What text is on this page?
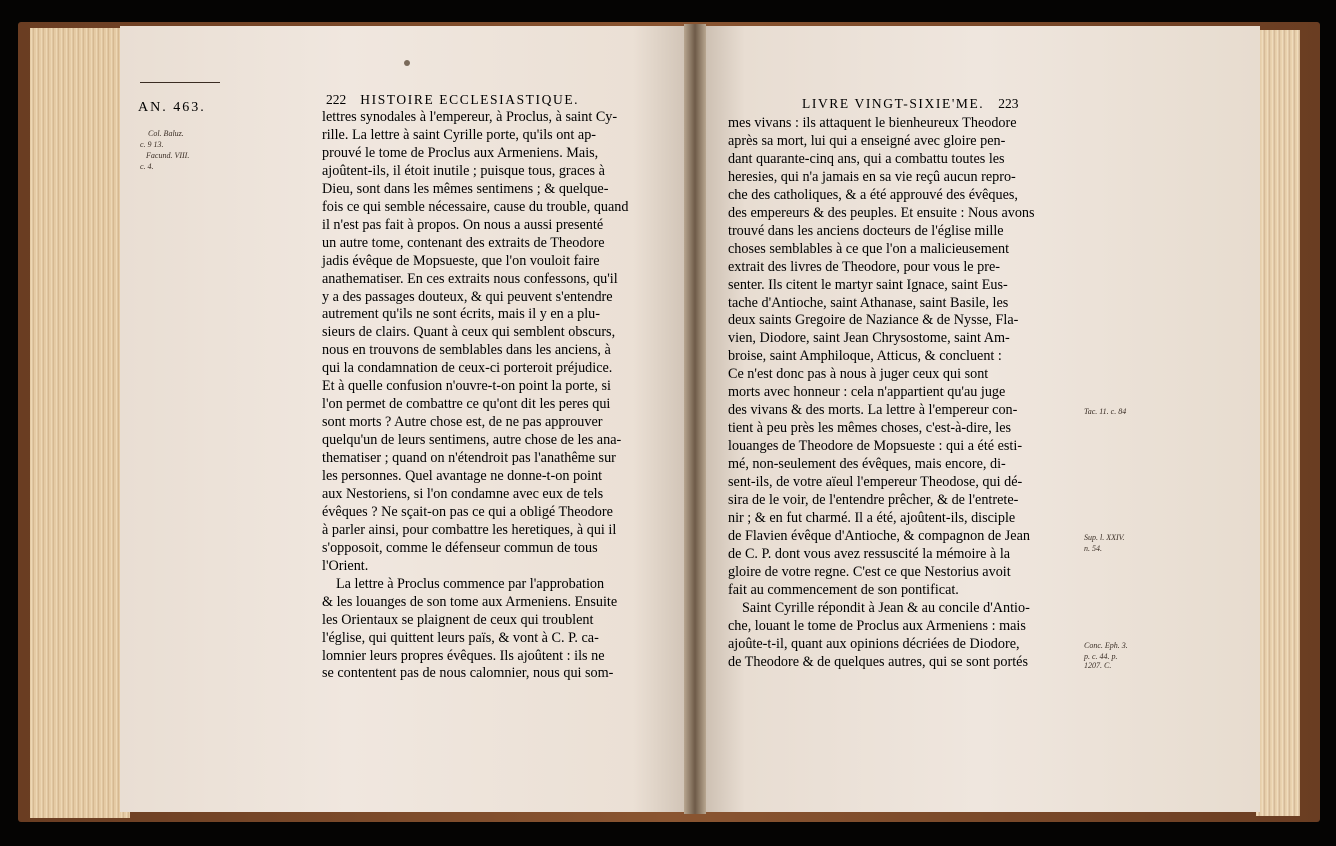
222 HISTOIRE ECCLESIASTIQUE.
AN. 463.
Col. Baluz.
c. 9 13.
Facund. VIII.
c. 4.
lettres synodales à l'empereur, à Proclus, à saint Cy-
rille. La lettre à saint Cyrille porte, qu'ils ont ap-
prouvé le tome de Proclus aux Armeniens. Mais,
ajoûtent-ils, il étoit inutile ; puisque tous, graces à
Dieu, sont dans les mêmes sentimens ; & quelque-
fois ce qui semble nécessaire, cause du trouble, quand
il n'est pas fait à propos. On nous a aussi presenté
un autre tome, contenant des extraits de Theodore
jadis évêque de Mopsueste, que l'on vouloit faire
anathematiser. En ces extraits nous confessons, qu'il
y a des passages douteux, & qui peuvent s'entendre
autrement qu'ils ne sont écrits, mais il y en a plu-
sieurs de clairs. Quant à ceux qui semblent obscurs,
nous en trouvons de semblables dans les anciens, à
qui la condamnation de ceux-ci porteroit préjudice.
Et à quelle confusion n'ouvre-t-on point la porte, si
l'on permet de combattre ce qu'ont dit les peres qui
sont morts ? Autre chose est, de ne pas approuver
quelqu'un de leurs sentimens, autre chose de les ana-
thematiser ; quand on n'étendroit pas l'anathême sur
les personnes. Quel avantage ne donne-t-on point
aux Nestoriens, si l'on condamne avec eux de tels
évêques ? Ne sçait-on pas ce qui a obligé Theodore
à parler ainsi, pour combattre les heretiques, à qui il
s'opposoit, comme le défenseur commun de tous
l'Orient.
La lettre à Proclus commence par l'approbation
& les louanges de son tome aux Armeniens. Ensuite
les Orientaux se plaignent de ceux qui troublent
l'église, qui quittent leurs païs, & vont à C. P. ca-
lomnier leurs propres évêques. Ils ajoûtent : ils ne
se contentent pas de nous calomnier, nous qui som-
LIVRE VINGT-SIXIE'ME. 223
mes vivans : ils attaquent le bienheureux Theodore
après sa mort, lui qui a enseigné avec gloire pen-
dant quarante-cinq ans, qui a combattu toutes les
heresies, qui n'a jamais en sa vie reçû aucun repro-
che des catholiques, & a été approuvé des évêques,
des empereurs & des peuples. Et ensuite : Nous avons
trouvé dans les anciens docteurs de l'église mille
choses semblables à ce que l'on a malicieusement
extrait des livres de Theodore, pour vous le pre-
senter. Ils citent le martyr saint Ignace, saint Eus-
tache d'Antioche, saint Athanase, saint Basile, les
deux saints Gregoire de Naziance & de Nysse, Fla-
vien, Diodore, saint Jean Chrysostome, saint Am-
broise, saint Amphiloque, Atticus, & concluent :
Ce n'est donc pas à nous à juger ceux qui sont
morts avec honneur : cela n'appartient qu'au juge
des vivans & des morts. La lettre à l'empereur con-
tient à peu près les mêmes choses, c'est-à-dire, les
louanges de Theodore de Mopsueste : qui a été esti-
mé, non-seulement des évêques, mais encore, di-
sent-ils, de votre aïeul l'empereur Theodose, qui dé-
sira de le voir, de l'entendre prêcher, & de l'entrete-
nir ; & en fut charmé. Il a été, ajoûtent-ils, disciple
de Flavien évêque d'Antioche, & compagnon de Jean
de C. P. dont vous avez ressuscité la mémoire à la
gloire de votre regne. C'est ce que Nestorius avoit
fait au commencement de son pontificat.
Saint Cyrille répondit à Jean & au concile d'Antio-
che, louant le tome de Proclus aux Armeniens : mais
ajoûte-t-il, quant aux opinions décriées de Diodore,
de Theodore & de quelques autres, qui se sont portés
Tac. 11. c. 84
Sup. l. XXIV.
n. 54.
Conc. Eph. 3.
p. c. 44. p.
1207. C.
